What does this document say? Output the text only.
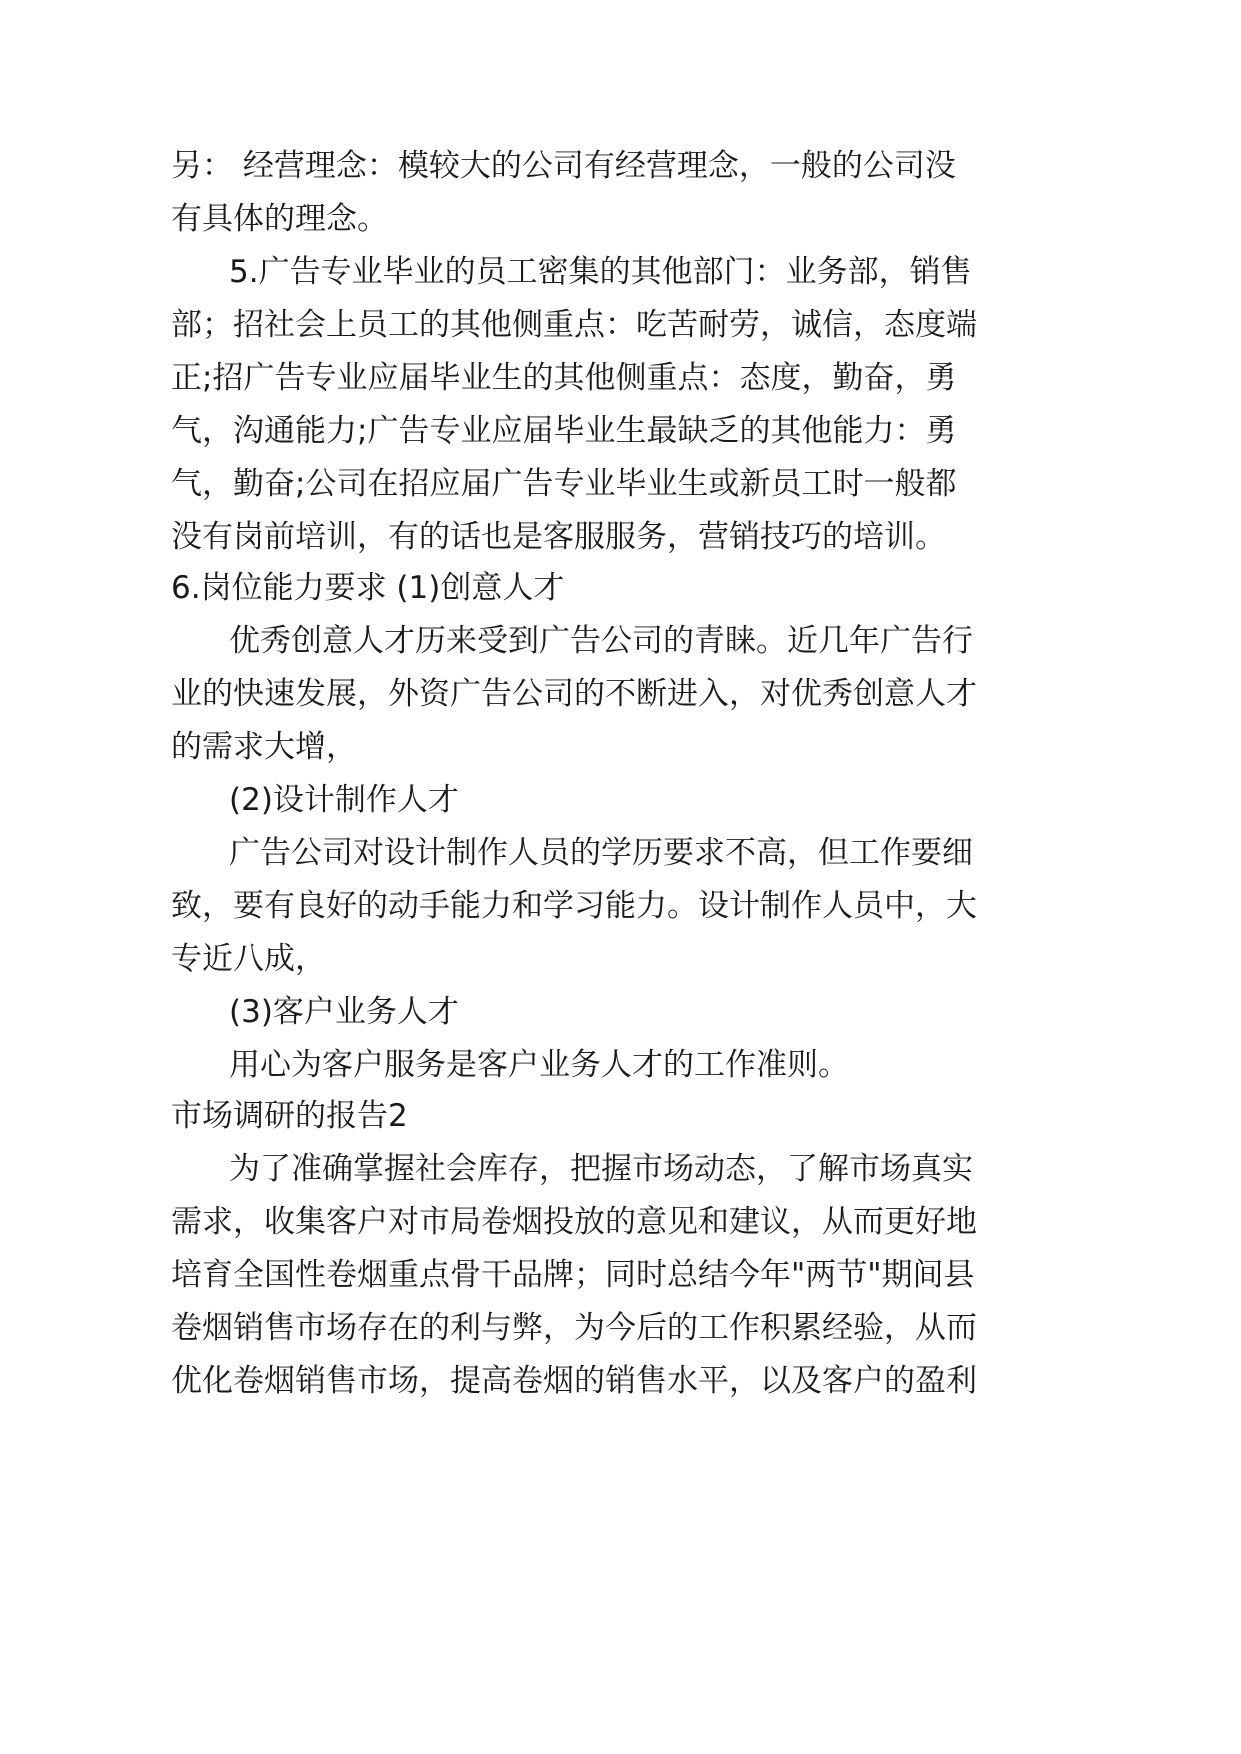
另： 经营理念：模较大的公司有经营理念，一般的公司没
有具体的理念。
5.广告专业毕业的员工密集的其他部门：业务部，销售
部；招社会上员工的其他侧重点：吃苦耐劳，诚信，态度端
正;招广告专业应届毕业生的其他侧重点：态度，勤奋，勇
气，沟通能力;广告专业应届毕业生最缺乏的其他能力：勇
气，勤奋;公司在招应届广告专业毕业生或新员工时一般都
没有岗前培训，有的话也是客服服务，营销技巧的培训。
6.岗位能力要求 (1)创意人才
优秀创意人才历来受到广告公司的青睐。近几年广告行
业的快速发展，外资广告公司的不断进入，对优秀创意人才
的需求大增，
(2)设计制作人才
广告公司对设计制作人员的学历要求不高，但工作要细
致，要有良好的动手能力和学习能力。设计制作人员中，大
专近八成，
(3)客户业务人才
用心为客户服务是客户业务人才的工作准则。
市场调研的报告2
为了准确掌握社会库存，把握市场动态，了解市场真实
需求，收集客户对市局卷烟投放的意见和建议，从而更好地
培育全国性卷烟重点骨干品牌；同时总结今年"两节"期间县
卷烟销售市场存在的利与弊，为今后的工作积累经验，从而
优化卷烟销售市场，提高卷烟的销售水平，以及客户的盈利
